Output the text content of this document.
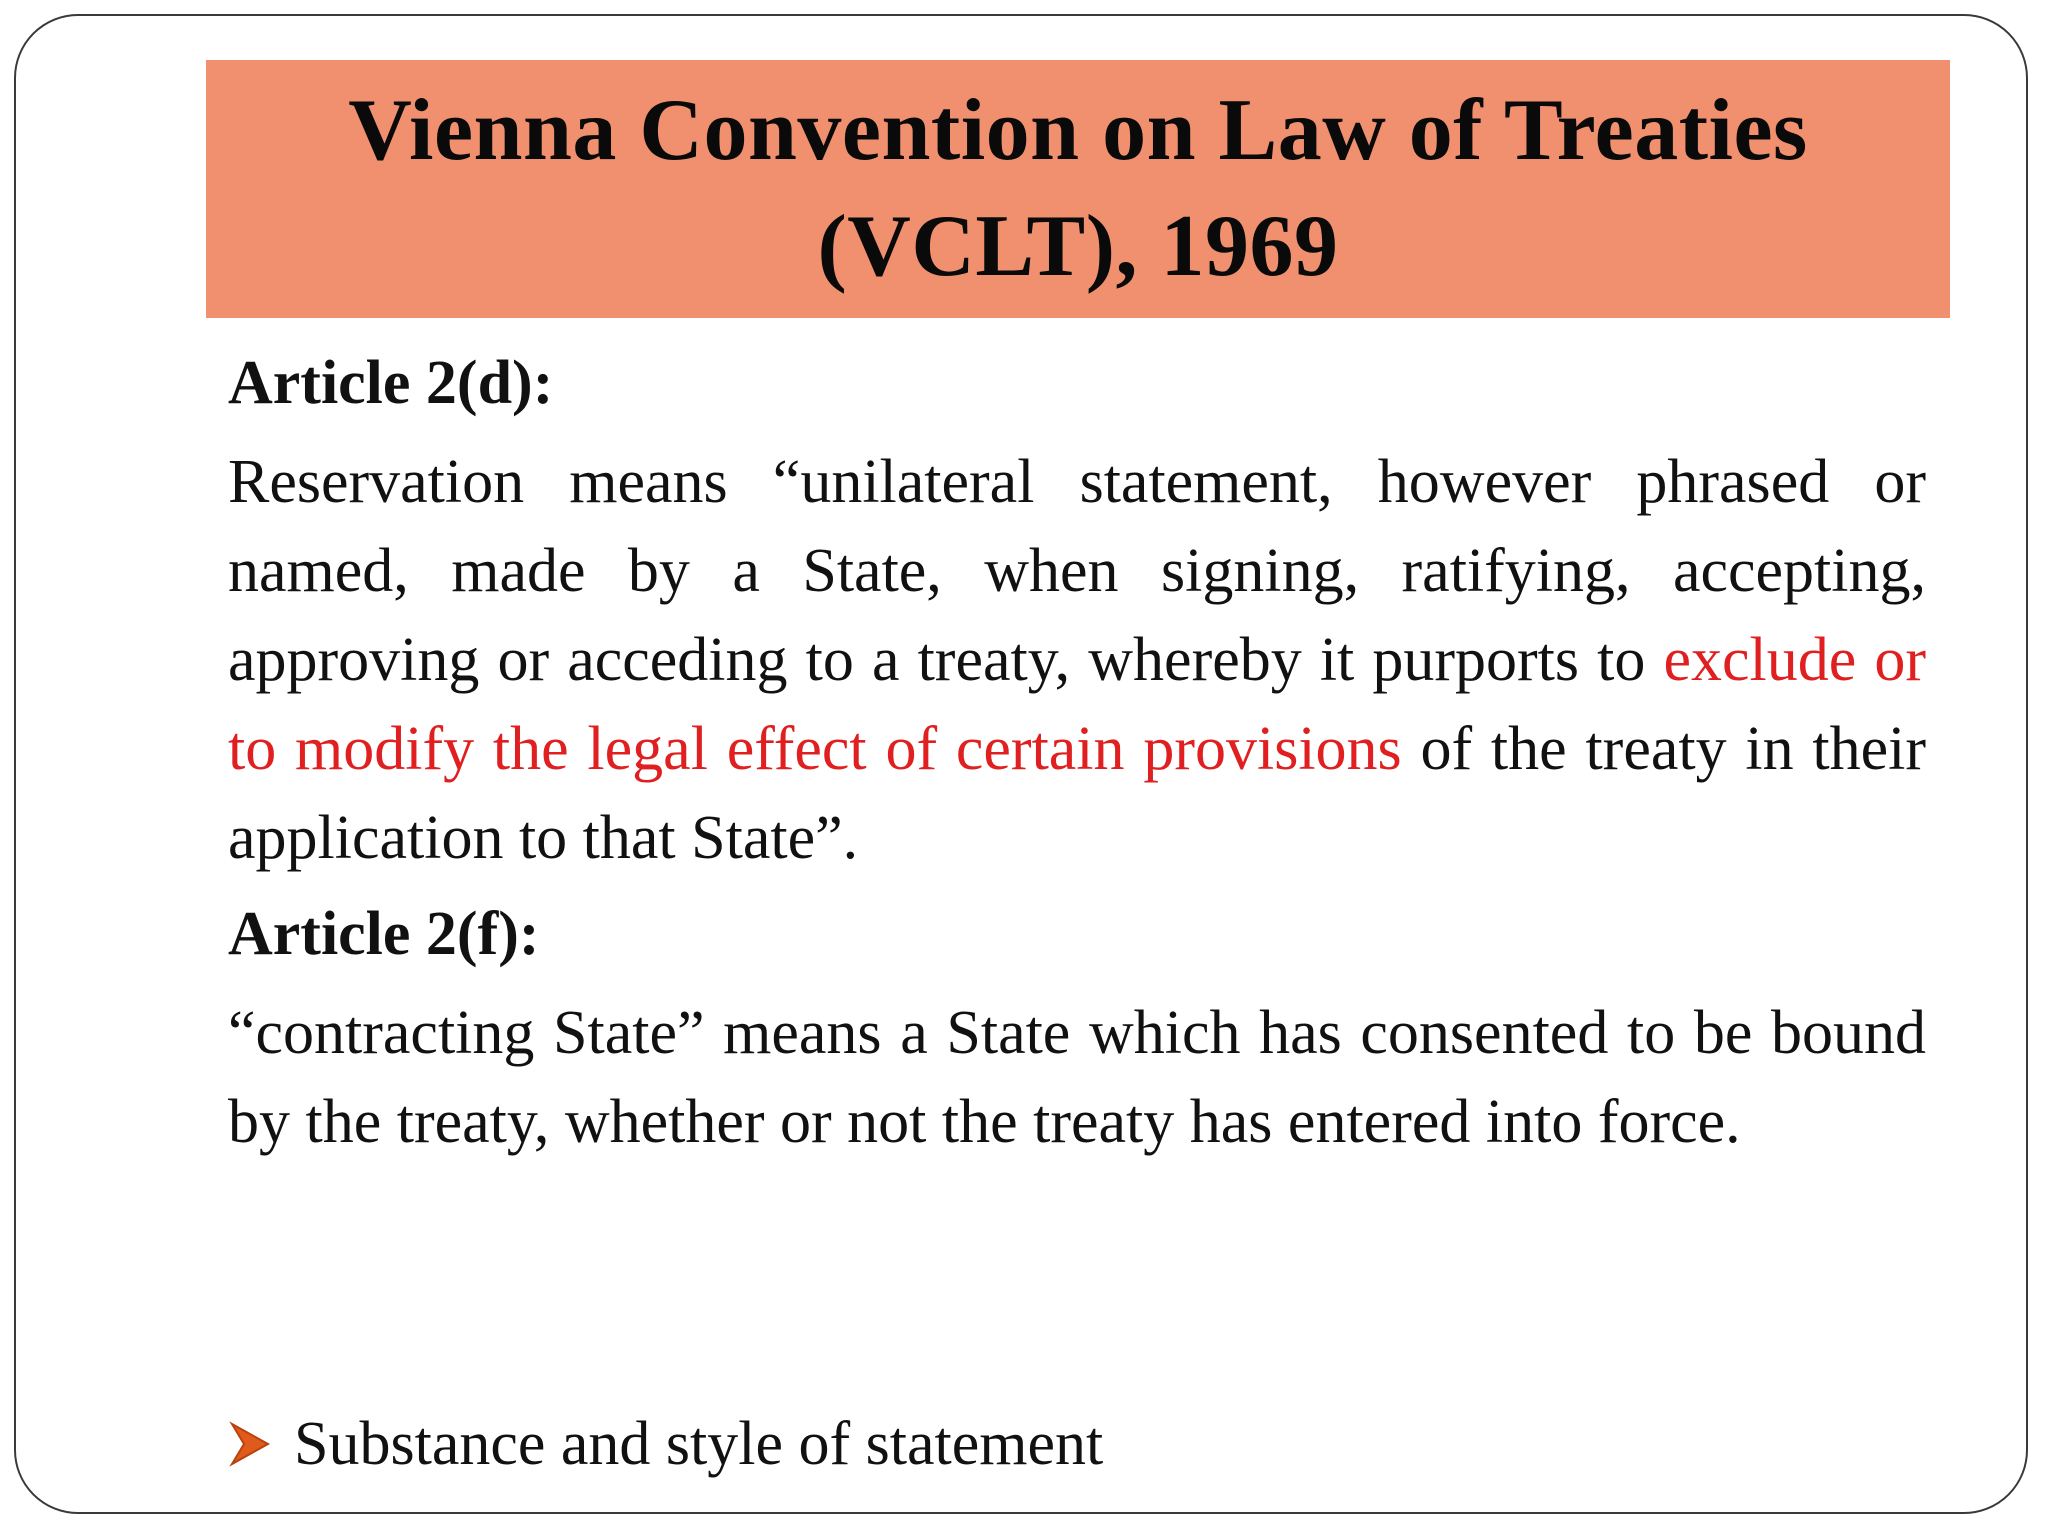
Vienna Convention on Law of Treaties (VCLT), 1969

Article 2(d):

Reservation means “unilateral statement, however phrased or named, made by a State, when signing, ratifying, accepting, approving or acceding to a treaty, whereby it purports to exclude or to modify the legal effect of certain provisions of the treaty in their application to that State”.

Article 2(f):

“contracting State” means a State which has consented to be bound by the treaty, whether or not the treaty has entered into force.

Substance and style of statement
